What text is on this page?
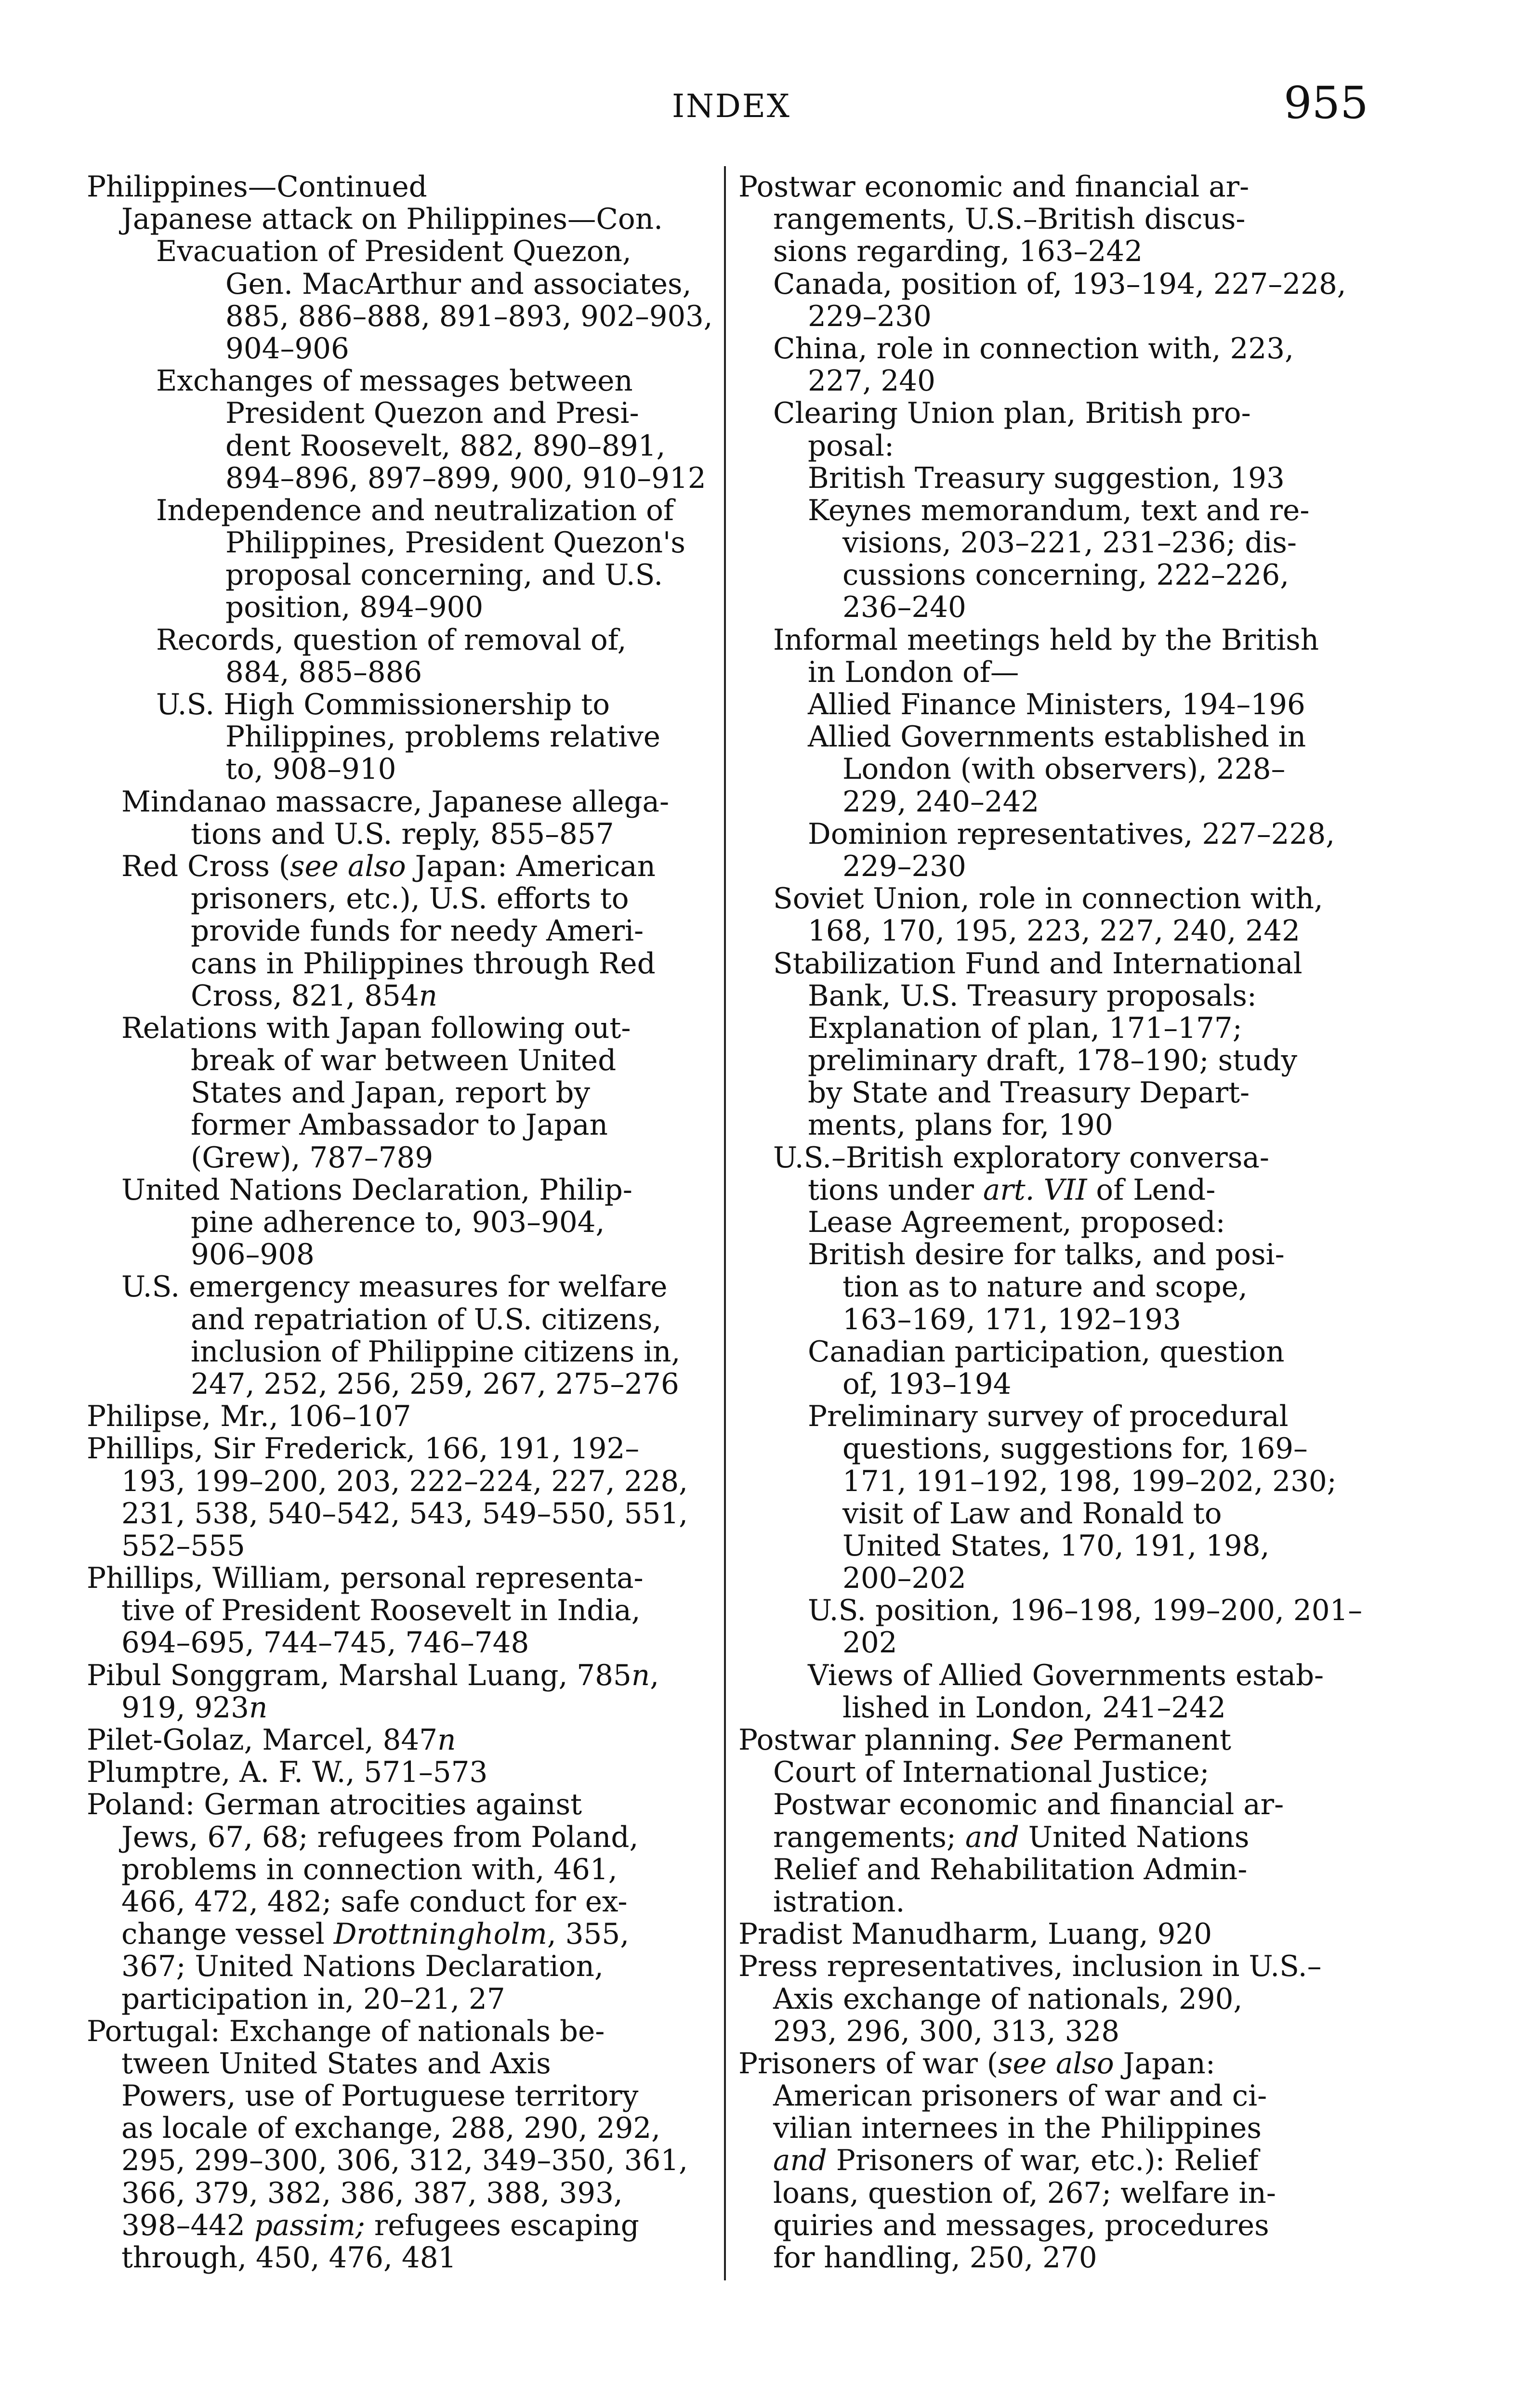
INDEX	955
Philippines—Continued
Japanese attack on Philippines—Con.
Evacuation of President Quezon,
Gen. MacArthur and associates,
885, 886–888, 891–893, 902–903,
904–906
Exchanges of messages between
President Quezon and Presi-
dent Roosevelt, 882, 890–891,
894–896, 897–899, 900, 910–912
Independence and neutralization of
Philippines, President Quezon's
proposal concerning, and U.S.
position, 894–900
Records, question of removal of,
884, 885–886
U.S. High Commissionership to
Philippines, problems relative
to, 908–910
Mindanao massacre, Japanese allega-
tions and U.S. reply, 855–857
Red Cross (see also Japan: American
prisoners, etc.), U.S. efforts to
provide funds for needy Ameri-
cans in Philippines through Red
Cross, 821, 854n
Relations with Japan following out-
break of war between United
States and Japan, report by
former Ambassador to Japan
(Grew), 787–789
United Nations Declaration, Philip-
pine adherence to, 903–904,
906–908
U.S. emergency measures for welfare
and repatriation of U.S. citizens,
inclusion of Philippine citizens in,
247, 252, 256, 259, 267, 275–276
Philipse, Mr., 106–107
Phillips, Sir Frederick, 166, 191, 192–
193, 199–200, 203, 222–224, 227, 228,
231, 538, 540–542, 543, 549–550, 551,
552–555
Phillips, William, personal representa-
tive of President Roosevelt in India,
694–695, 744–745, 746–748
Pibul Songgram, Marshal Luang, 785n,
919, 923n
Pilet-Golaz, Marcel, 847n
Plumptre, A. F. W., 571–573
Poland: German atrocities against
Jews, 67, 68; refugees from Poland,
problems in connection with, 461,
466, 472, 482; safe conduct for ex-
change vessel Drottningholm, 355,
367; United Nations Declaration,
participation in, 20–21, 27
Portugal: Exchange of nationals be-
tween United States and Axis
Powers, use of Portuguese territory
as locale of exchange, 288, 290, 292,
295, 299–300, 306, 312, 349–350, 361,
366, 379, 382, 386, 387, 388, 393,
398–442 passim; refugees escaping
through, 450, 476, 481
Postwar economic and financial ar-
rangements, U.S.–British discus-
sions regarding, 163–242
Canada, position of, 193–194, 227–228,
229–230
China, role in connection with, 223,
227, 240
Clearing Union plan, British pro-
posal:
British Treasury suggestion, 193
Keynes memorandum, text and re-
visions, 203–221, 231–236; dis-
cussions concerning, 222–226,
236–240
Informal meetings held by the British
in London of—
Allied Finance Ministers, 194–196
Allied Governments established in
London (with observers), 228–
229, 240–242
Dominion representatives, 227–228,
229–230
Soviet Union, role in connection with,
168, 170, 195, 223, 227, 240, 242
Stabilization Fund and International
Bank, U.S. Treasury proposals:
Explanation of plan, 171–177;
preliminary draft, 178–190; study
by State and Treasury Depart-
ments, plans for, 190
U.S.–British exploratory conversa-
tions under art. VII of Lend-
Lease Agreement, proposed:
British desire for talks, and posi-
tion as to nature and scope,
163–169, 171, 192–193
Canadian participation, question
of, 193–194
Preliminary survey of procedural
questions, suggestions for, 169–
171, 191–192, 198, 199–202, 230;
visit of Law and Ronald to
United States, 170, 191, 198,
200–202
U.S. position, 196–198, 199–200, 201–
202
Views of Allied Governments estab-
lished in London, 241–242
Postwar planning. See Permanent
Court of International Justice;
Postwar economic and financial ar-
rangements; and United Nations
Relief and Rehabilitation Admin-
istration.
Pradist Manudharm, Luang, 920
Press representatives, inclusion in U.S.–
Axis exchange of nationals, 290,
293, 296, 300, 313, 328
Prisoners of war (see also Japan:
American prisoners of war and ci-
vilian internees in the Philippines
and Prisoners of war, etc.): Relief
loans, question of, 267; welfare in-
quiries and messages, procedures
for handling, 250, 270
